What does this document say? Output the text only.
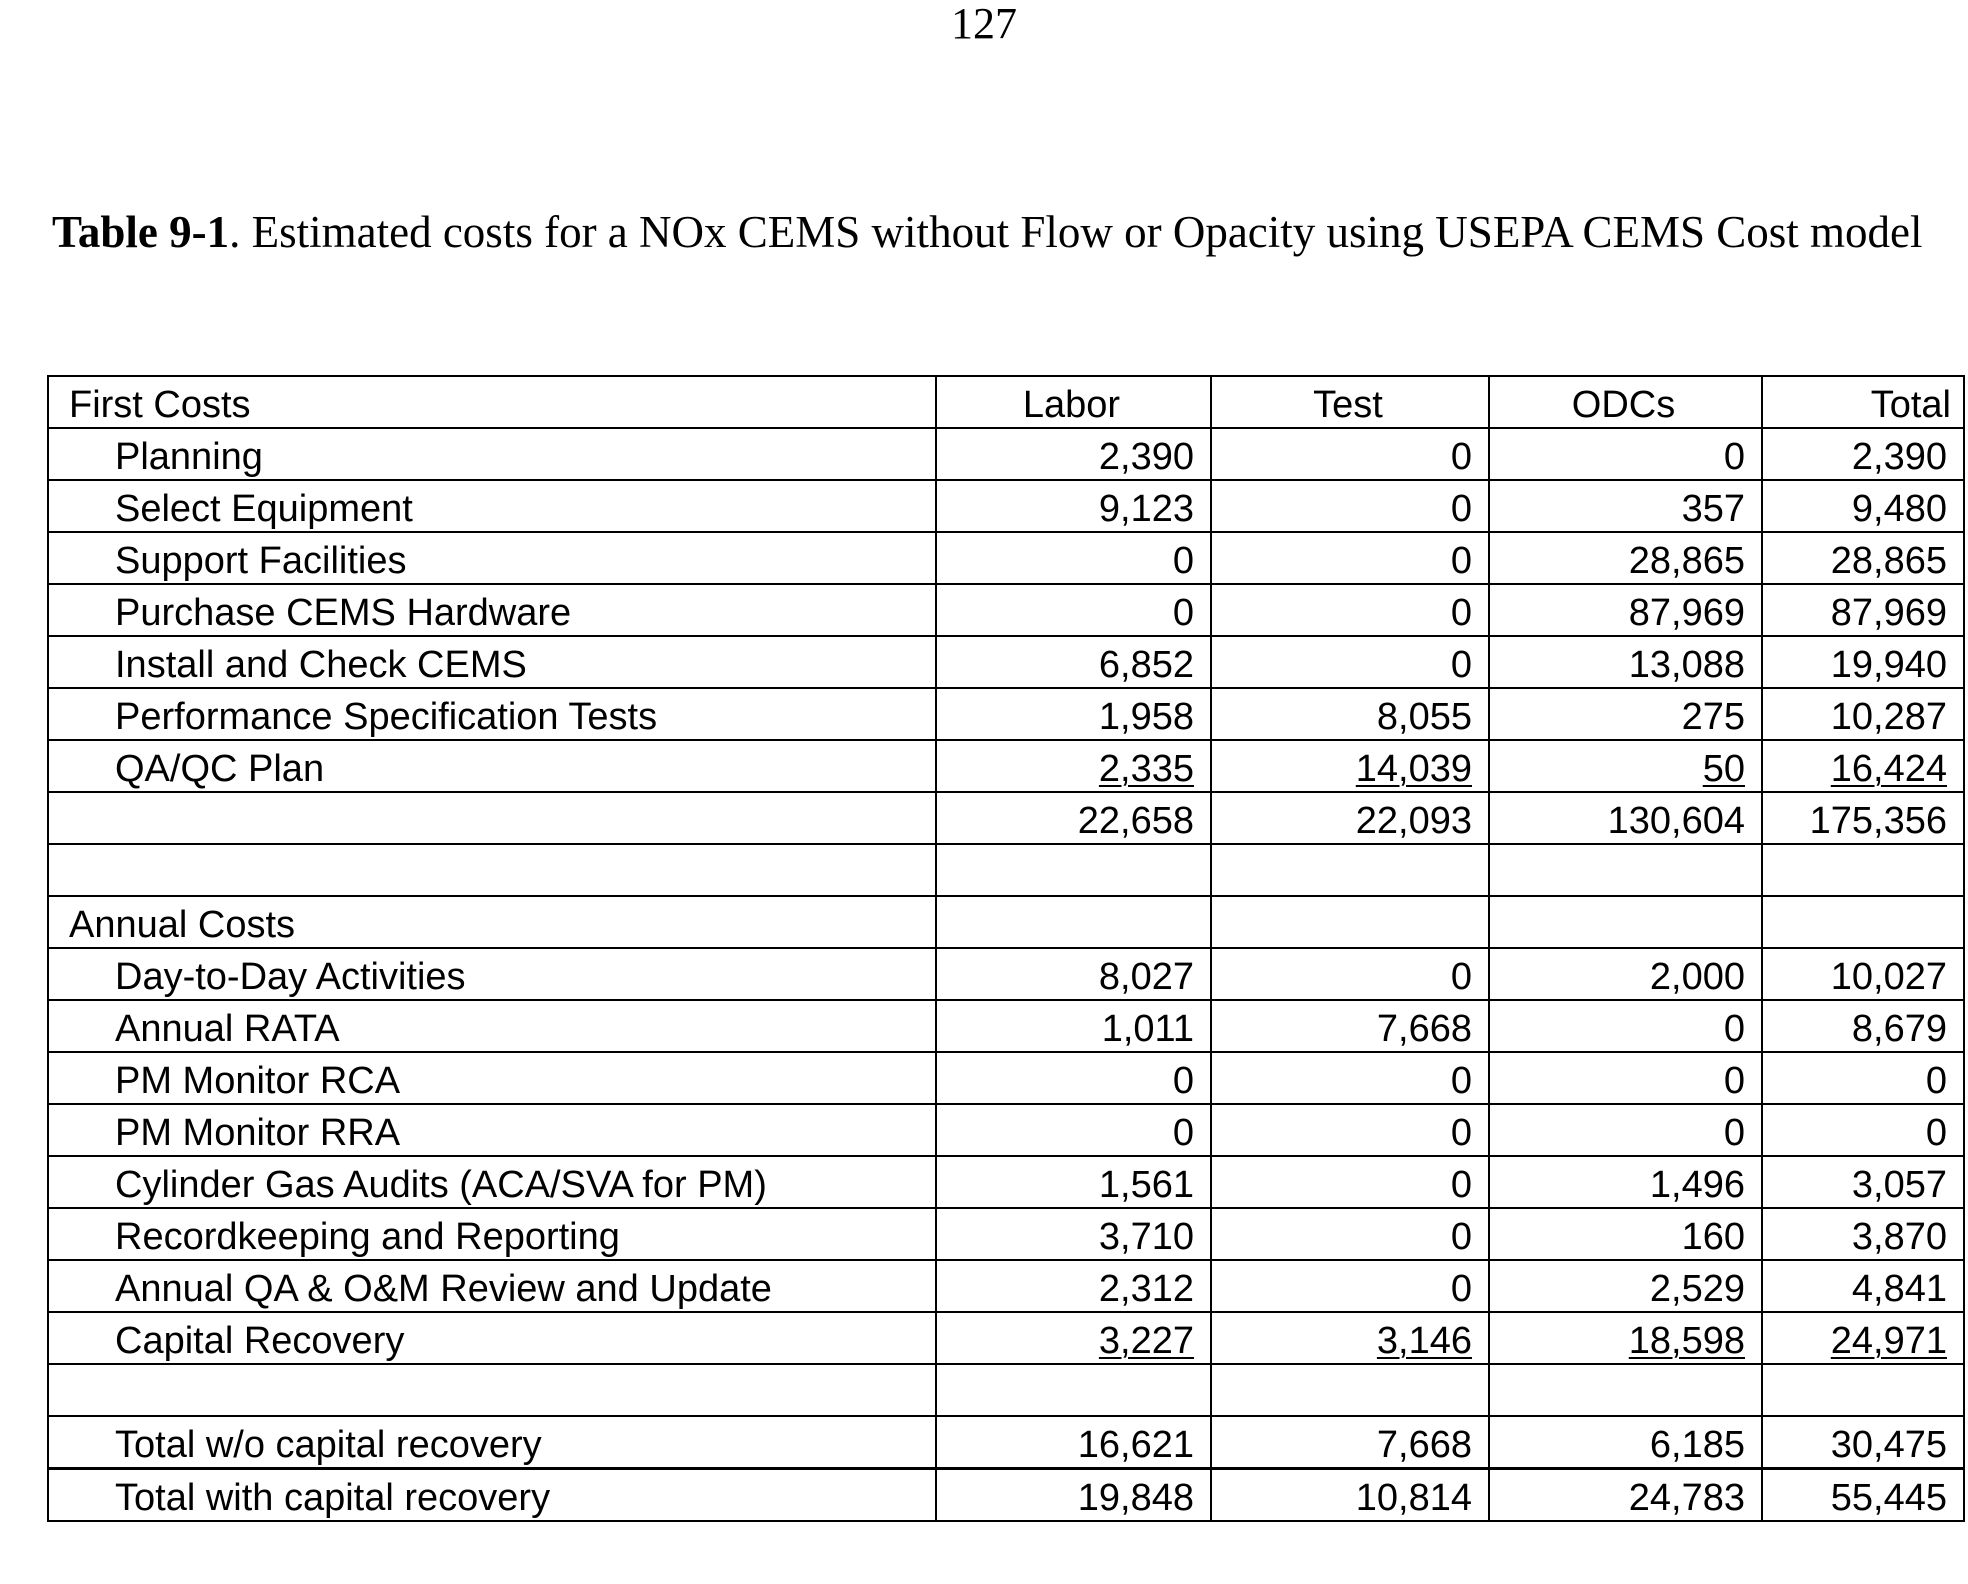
127
Table 9-1. Estimated costs for a NOx CEMS without Flow or Opacity using USEPA CEMS Cost model
First Costs	Labor	Test	ODCs	Total
Planning	2,390	0	0	2,390
Select Equipment	9,123	0	357	9,480
Support Facilities	0	0	28,865	28,865
Purchase CEMS Hardware	0	0	87,969	87,969
Install and Check CEMS	6,852	0	13,088	19,940
Performance Specification Tests	1,958	8,055	275	10,287
QA/QC Plan	2,335	14,039	50	16,424
	22,658	22,093	130,604	175,356

Annual Costs				
Day-to-Day Activities	8,027	0	2,000	10,027
Annual RATA	1,011	7,668	0	8,679
PM Monitor RCA	0	0	0	0
PM Monitor RRA	0	0	0	0
Cylinder Gas Audits (ACA/SVA for PM)	1,561	0	1,496	3,057
Recordkeeping and Reporting	3,710	0	160	3,870
Annual QA & O&M Review and Update	2,312	0	2,529	4,841
Capital Recovery	3,227	3,146	18,598	24,971

Total w/o capital recovery	16,621	7,668	6,185	30,475
Total with capital recovery	19,848	10,814	24,783	55,445
